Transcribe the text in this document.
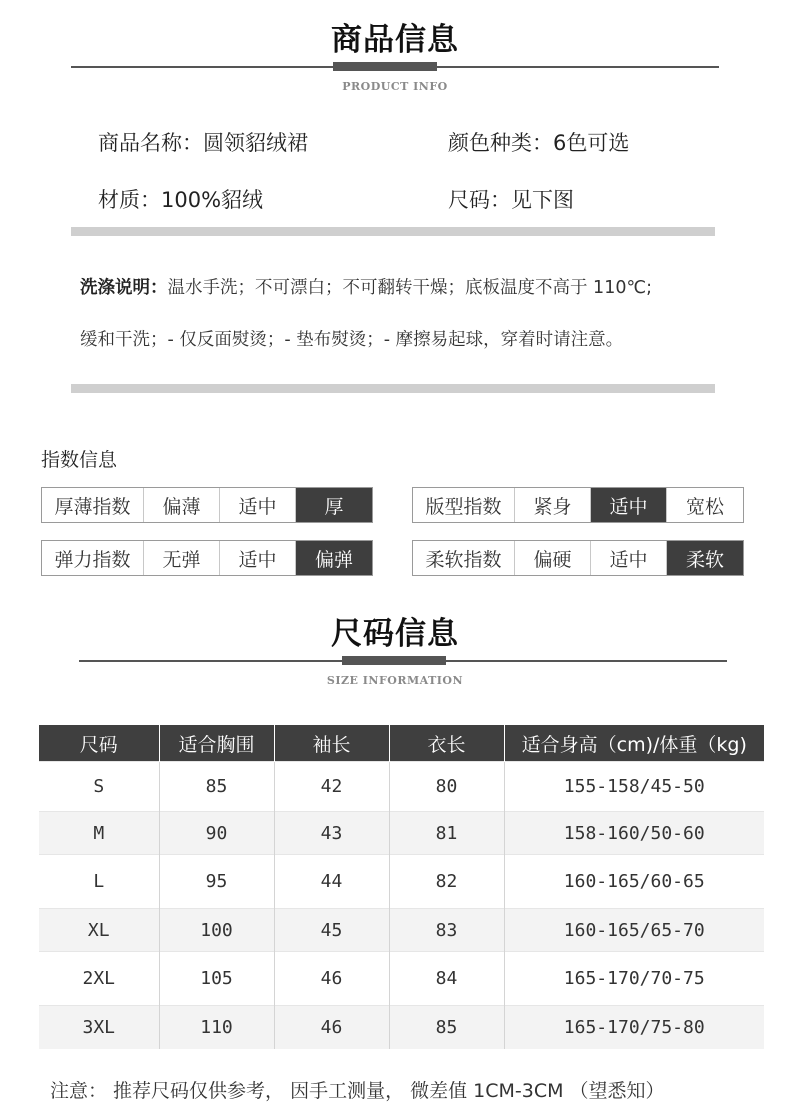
商品信息
PRODUCT INFO
商品名称：圆领貂绒裙	颜色种类：6色可选
材质：100%貂绒	尺码：见下图
洗涤说明：温水手洗；不可漂白；不可翻转干燥；底板温度不高于 110℃;
缓和干洗；- 仅反面熨烫；- 垫布熨烫；- 摩擦易起球，穿着时请注意。
指数信息
厚薄指数	偏薄	适中	厚	版型指数	紧身	适中	宽松
弹力指数	无弹	适中	偏弹	柔软指数	偏硬	适中	柔软
尺码信息
SIZE INFORMATION
尺码	适合胸围	袖长	衣长	适合身高（cm)/体重（kg)
S	85	42	80	155-158/45-50
M	90	43	81	158-160/50-60
L	95	44	82	160-165/60-65
XL	100	45	83	160-165/65-70
2XL	105	46	84	165-170/70-75
3XL	110	46	85	165-170/75-80
注意： 推荐尺码仅供参考， 因手工测量， 微差值 1CM-3CM （望悉知）
